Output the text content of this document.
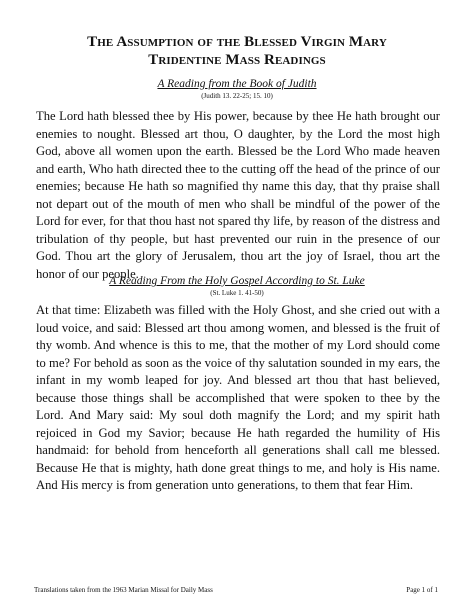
The Assumption of the Blessed Virgin Mary
Tridentine Mass Readings

A Reading from the Book of Judith

(Judith 13. 22-25; 15. 10)

The Lord hath blessed thee by His power, because by thee He hath brought our enemies to nought. Blessed art thou, O daughter, by the Lord the most high God, above all women upon the earth. Blessed be the Lord Who made heaven and earth, Who hath directed thee to the cutting off the head of the prince of our enemies; because He hath so magnified thy name this day, that thy praise shall not depart out of the mouth of men who shall be mindful of the power of the Lord for ever, for that thou hast not spared thy life, by reason of the distress and tribulation of thy people, but hast prevented our ruin in the presence of our God. Thou art the glory of Jerusalem, thou art the joy of Israel, thou art the honor of our people.

A Reading From the Holy Gospel According to St. Luke

(St. Luke 1. 41-50)

At that time: Elizabeth was filled with the Holy Ghost, and she cried out with a loud voice, and said: Blessed art thou among women, and blessed is the fruit of thy womb. And whence is this to me, that the mother of my Lord should come to me? For behold as soon as the voice of thy salutation sounded in my ears, the infant in my womb leaped for joy. And blessed art thou that hast believed, because those things shall be accomplished that were spoken to thee by the Lord. And Mary said: My soul doth magnify the Lord; and my spirit hath rejoiced in God my Savior; because He hath regarded the humility of His handmaid: for behold from henceforth all generations shall call me blessed. Because He that is mighty, hath done great things to me, and holy is His name. And His mercy is from generation unto generations, to them that fear Him.

Translations taken from the 1963 Marian Missal for Daily Mass	Page 1 of 1
